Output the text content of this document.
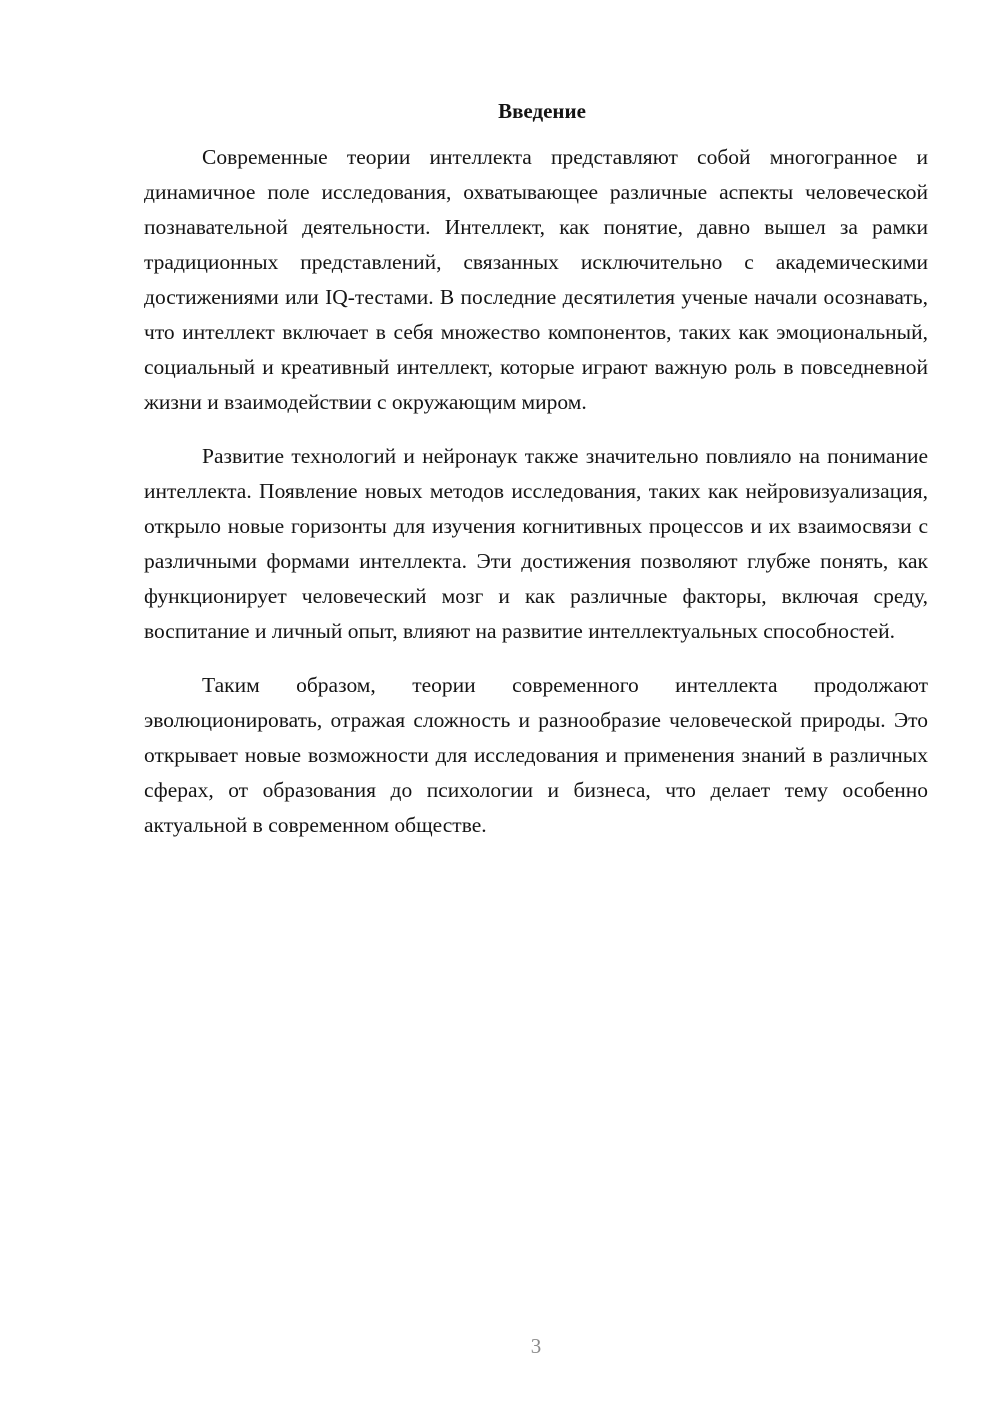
Введение

Современные теории интеллекта представляют собой многогранное и динамичное поле исследования, охватывающее различные аспекты человеческой познавательной деятельности. Интеллект, как понятие, давно вышел за рамки традиционных представлений, связанных исключительно с академическими достижениями или IQ-тестами. В последние десятилетия ученые начали осознавать, что интеллект включает в себя множество компонентов, таких как эмоциональный, социальный и креативный интеллект, которые играют важную роль в повседневной жизни и взаимодействии с окружающим миром.

Развитие технологий и нейронаук также значительно повлияло на понимание интеллекта. Появление новых методов исследования, таких как нейровизуализация, открыло новые горизонты для изучения когнитивных процессов и их взаимосвязи с различными формами интеллекта. Эти достижения позволяют глубже понять, как функционирует человеческий мозг и как различные факторы, включая среду, воспитание и личный опыт, влияют на развитие интеллектуальных способностей.

Таким образом, теории современного интеллекта продолжают эволюционировать, отражая сложность и разнообразие человеческой природы. Это открывает новые возможности для исследования и применения знаний в различных сферах, от образования до психологии и бизнеса, что делает тему особенно актуальной в современном обществе.

3
